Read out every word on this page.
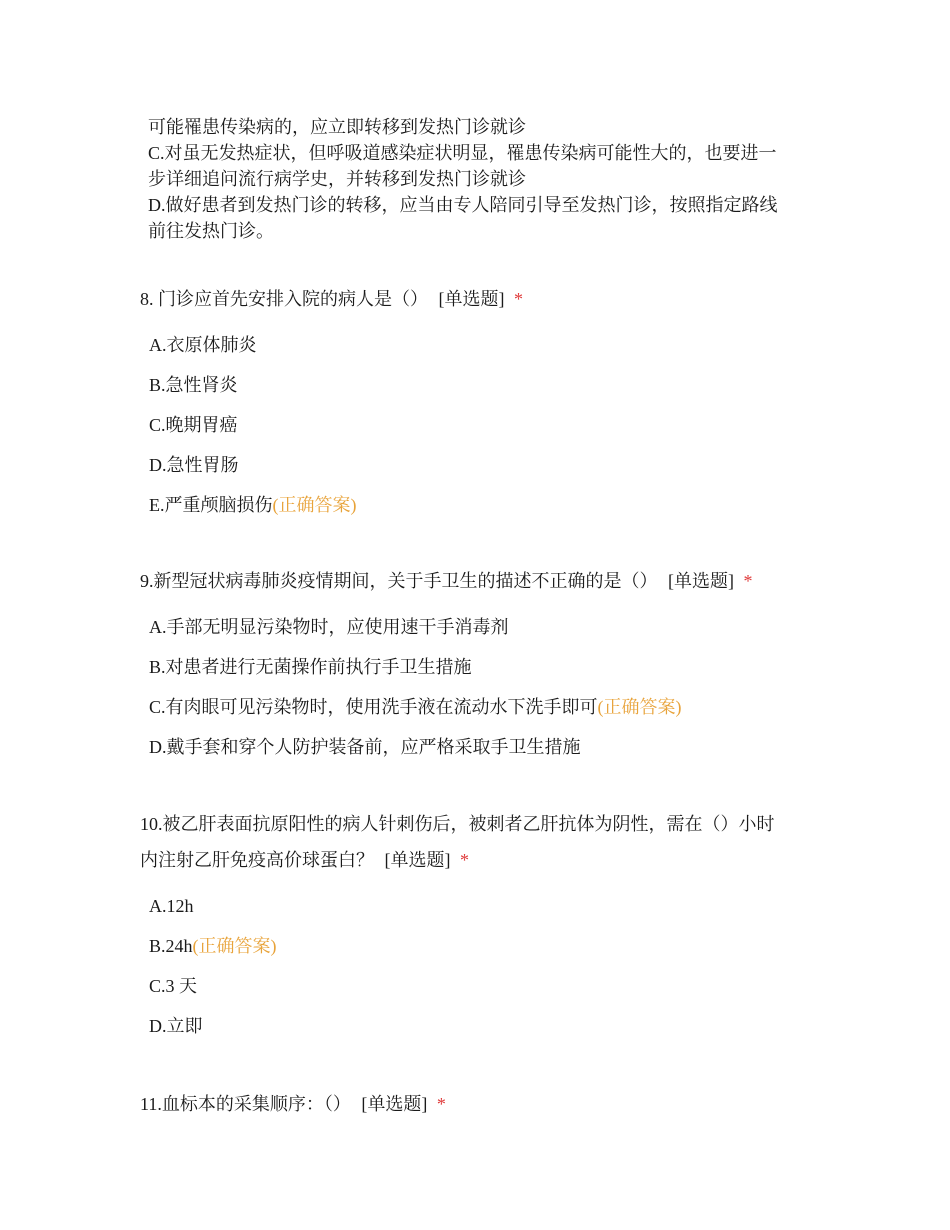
可能罹患传染病的，应立即转移到发热门诊就诊
C.对虽无发热症状，但呼吸道感染症状明显，罹患传染病可能性大的，也要进一
步详细追问流行病学史，并转移到发热门诊就诊
D.做好患者到发热门诊的转移，应当由专人陪同引导至发热门诊，按照指定路线
前往发热门诊。
8. 门诊应首先安排入院的病人是（） [单选题] *
A.衣原体肺炎
B.急性肾炎
C.晚期胃癌
D.急性胃肠
E.严重颅脑损伤(正确答案)
9.新型冠状病毒肺炎疫情期间，关于手卫生的描述不正确的是（） [单选题] *
A.手部无明显污染物时，应使用速干手消毒剂
B.对患者进行无菌操作前执行手卫生措施
C.有肉眼可见污染物时，使用洗手液在流动水下洗手即可(正确答案)
D.戴手套和穿个人防护装备前，应严格采取手卫生措施
10.被乙肝表面抗原阳性的病人针刺伤后，被刺者乙肝抗体为阴性，需在（）小时
内注射乙肝免疫高价球蛋白？ [单选题] *
A.12h
B.24h(正确答案)
C.3 天
D.立即
11.血标本的采集顺序：（） [单选题] *
